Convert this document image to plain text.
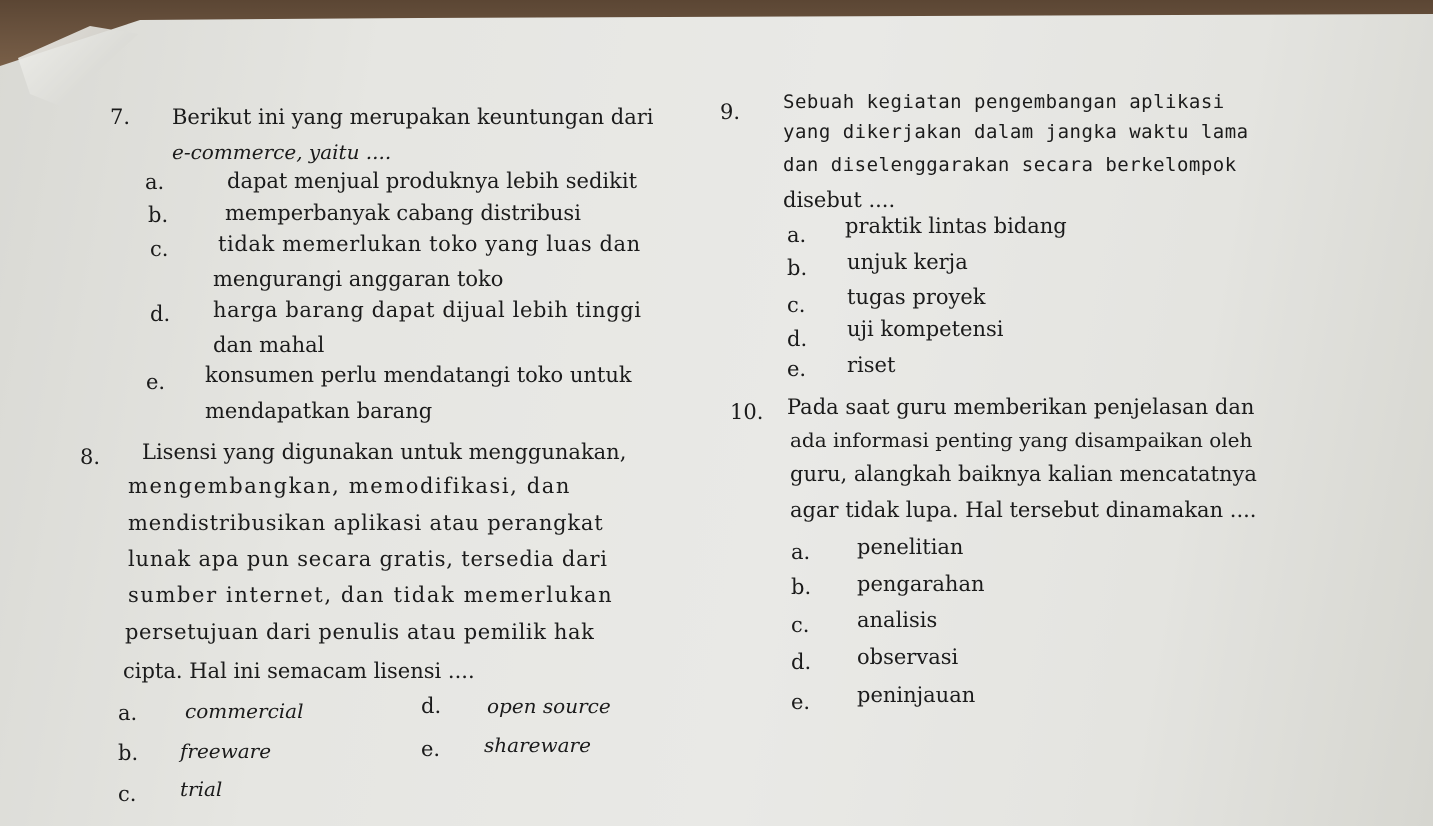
7. Berikut ini yang merupakan keuntungan dari
e-commerce, yaitu ....
a.	dapat menjual produknya lebih sedikit
b.	memperbanyak cabang distribusi
c. tidak memerlukan toko yang luas dan
mengurangi anggaran toko
d. harga barang dapat dijual lebih tinggi
dan mahal
e. konsumen perlu mendatangi toko untuk
mendapatkan barang
8. Lisensi yang digunakan untuk menggunakan,
mengembangkan, memodifikasi, dan
mendistribusikan aplikasi atau perangkat
lunak apa pun secara gratis, tersedia dari
sumber internet, dan tidak memerlukan
persetujuan dari penulis atau pemilik hak
cipta. Hal ini semacam lisensi ....
a. commercial
b. freeware
c. trial
d. open source
e. shareware
9. Sebuah kegiatan pengembangan aplikasi
yang dikerjakan dalam jangka waktu lama
dan diselenggarakan secara berkelompok
disebut ....
a. praktik lintas bidang
b. unjuk kerja
c. tugas proyek
d. uji kompetensi
e. riset
10. Pada saat guru memberikan penjelasan dan
ada informasi penting yang disampaikan oleh
guru, alangkah baiknya kalian mencatatnya
agar tidak lupa. Hal tersebut dinamakan ....
a. penelitian
b. pengarahan
c. analisis
d. observasi
e. peninjauan
